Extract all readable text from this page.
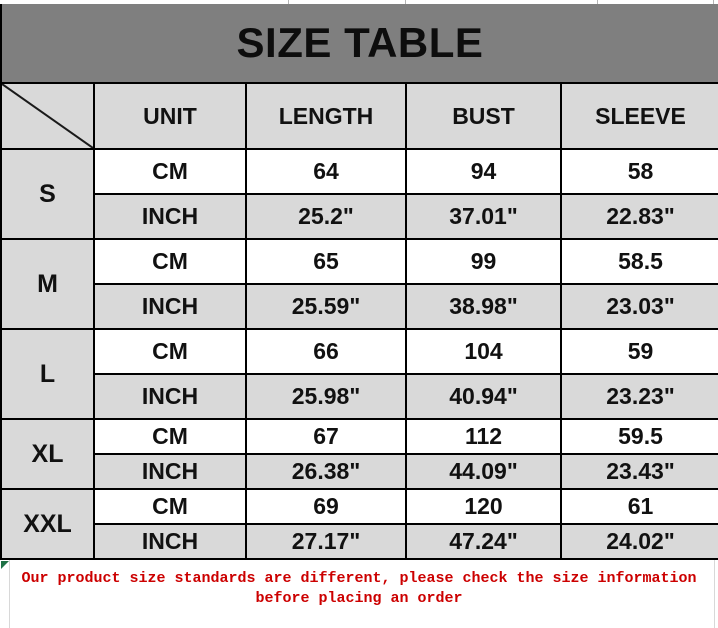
SIZE TABLE
	UNIT	LENGTH	BUST	SLEEVE
S	CM	64	94	58
	INCH	25.2"	37.01"	22.83"
M	CM	65	99	58.5
	INCH	25.59"	38.98"	23.03"
L	CM	66	104	59
	INCH	25.98"	40.94"	23.23"
XL	CM	67	112	59.5
	INCH	26.38"	44.09"	23.43"
XXL	CM	69	120	61
	INCH	27.17"	47.24"	24.02"
Our product size standards are different, please check the size information
before placing an order
